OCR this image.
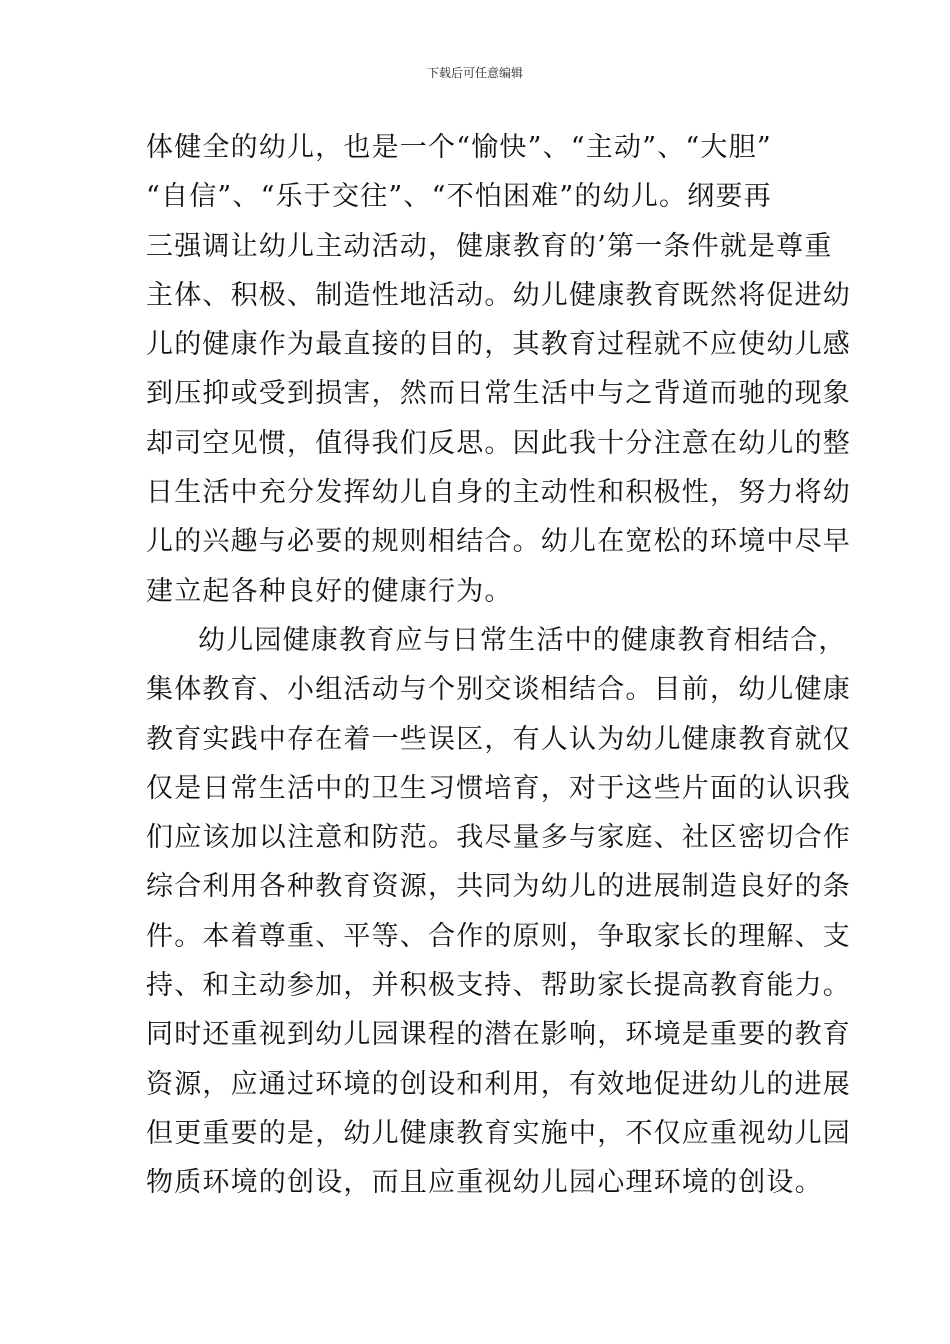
下载后可任意编辑
体健全的幼儿，也是一个“愉快”、“主动”、“大胆”
“自信”、“乐于交往”、“不怕困难”的幼儿。纲要再
三强调让幼儿主动活动，健康教育的’第一条件就是尊重
主体、积极、制造性地活动。幼儿健康教育既然将促进幼
儿的健康作为最直接的目的，其教育过程就不应使幼儿感
到压抑或受到损害，然而日常生活中与之背道而驰的现象
却司空见惯，值得我们反思。因此我十分注意在幼儿的整
日生活中充分发挥幼儿自身的主动性和积极性，努力将幼
儿的兴趣与必要的规则相结合。幼儿在宽松的环境中尽早
建立起各种良好的健康行为。
幼儿园健康教育应与日常生活中的健康教育相结合，
集体教育、小组活动与个别交谈相结合。目前，幼儿健康
教育实践中存在着一些误区，有人认为幼儿健康教育就仅
仅是日常生活中的卫生习惯培育，对于这些片面的认识我
们应该加以注意和防范。我尽量多与家庭、社区密切合作
综合利用各种教育资源，共同为幼儿的进展制造良好的条
件。本着尊重、平等、合作的原则，争取家长的理解、支
持、和主动参加，并积极支持、帮助家长提高教育能力。
同时还重视到幼儿园课程的潜在影响，环境是重要的教育
资源，应通过环境的创设和利用，有效地促进幼儿的进展
但更重要的是，幼儿健康教育实施中，不仅应重视幼儿园
物质环境的创设，而且应重视幼儿园心理环境的创设。
